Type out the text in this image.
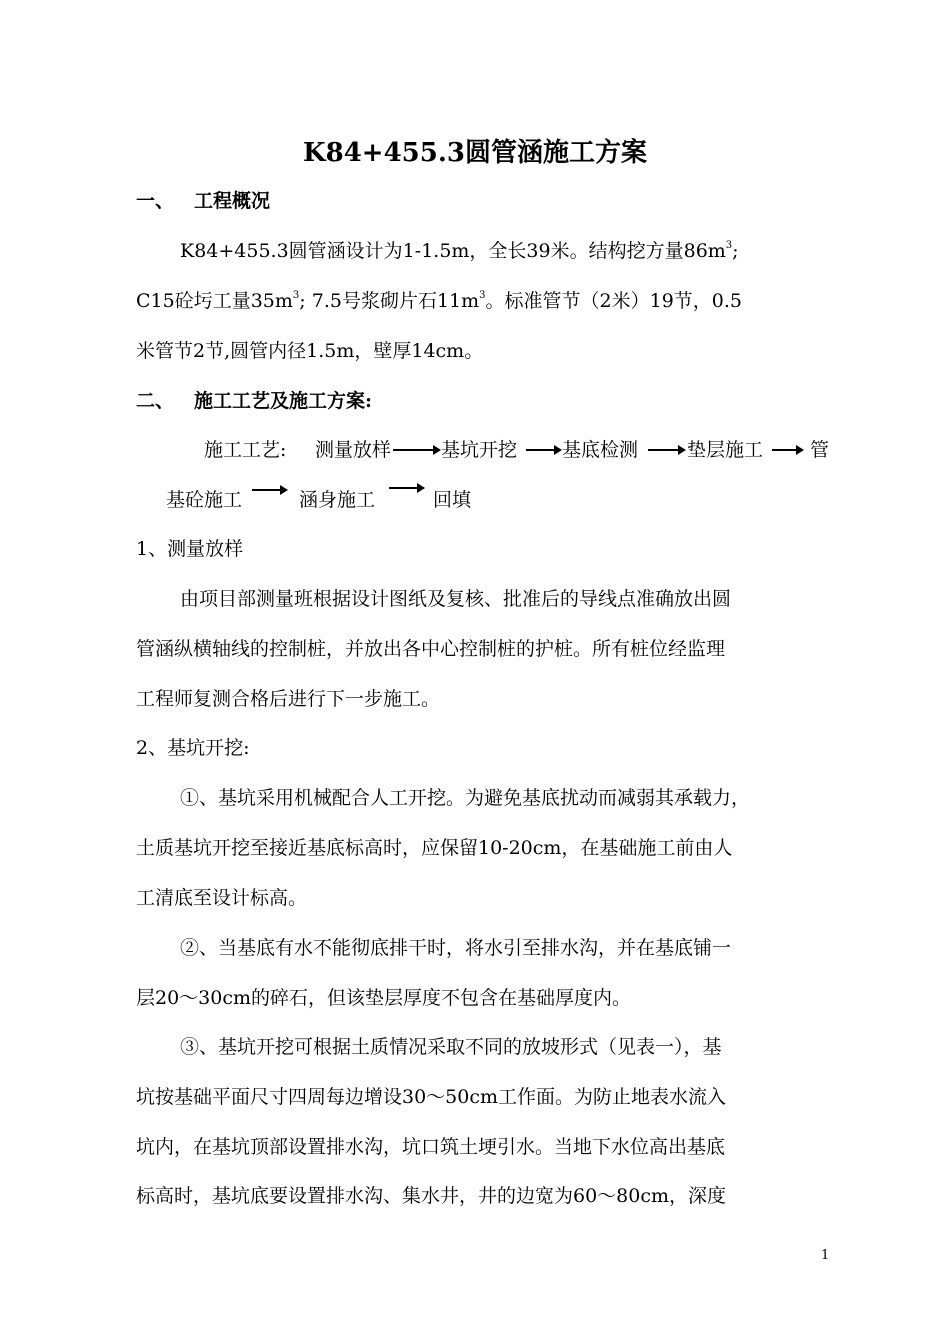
K84+455.3圆管涵施工方案
一、 工程概况
K84+455.3圆管涵设计为1-1.5m，全长39米。结构挖方量$86m^3$;
C15砼圬工量$35m^3$; 7.5号浆砌片石$11m^3$。标准管节（2米）19节，0.5
米管节2节,圆管内径1.5m，壁厚14cm。
二、 施工工艺及施工方案:
施工工艺: 测量放样	基坑开挖 基底检测	垫层施工 管
基砼施工	涵身施工	回填
1、测量放样
由项目部测量班根据设计图纸及复核、批准后的导线点准确放出圆
管涵纵横轴线的控制桩，并放出各中心控制桩的护桩。所有桩位经监理
工程师复测合格后进行下一步施工。
2、基坑开挖:
①、基坑采用机械配合人工开挖。为避免基底扰动而减弱其承载力，
土质基坑开挖至接近基底标高时，应保留10-20cm，在基础施工前由人
工清底至设计标高。
②、当基底有水不能彻底排干时，将水引至排水沟，并在基底铺一
层20～30cm的碎石，但该垫层厚度不包含在基础厚度内。
③、基坑开挖可根据土质情况采取不同的放坡形式（见表一），基
坑按基础平面尺寸四周每边增设30～50cm工作面。为防止地表水流入
坑内，在基坑顶部设置排水沟，坑口筑土埂引水。当地下水位高出基底
标高时，基坑底要设置排水沟、集水井，井的边宽为60～80cm，深度
1
